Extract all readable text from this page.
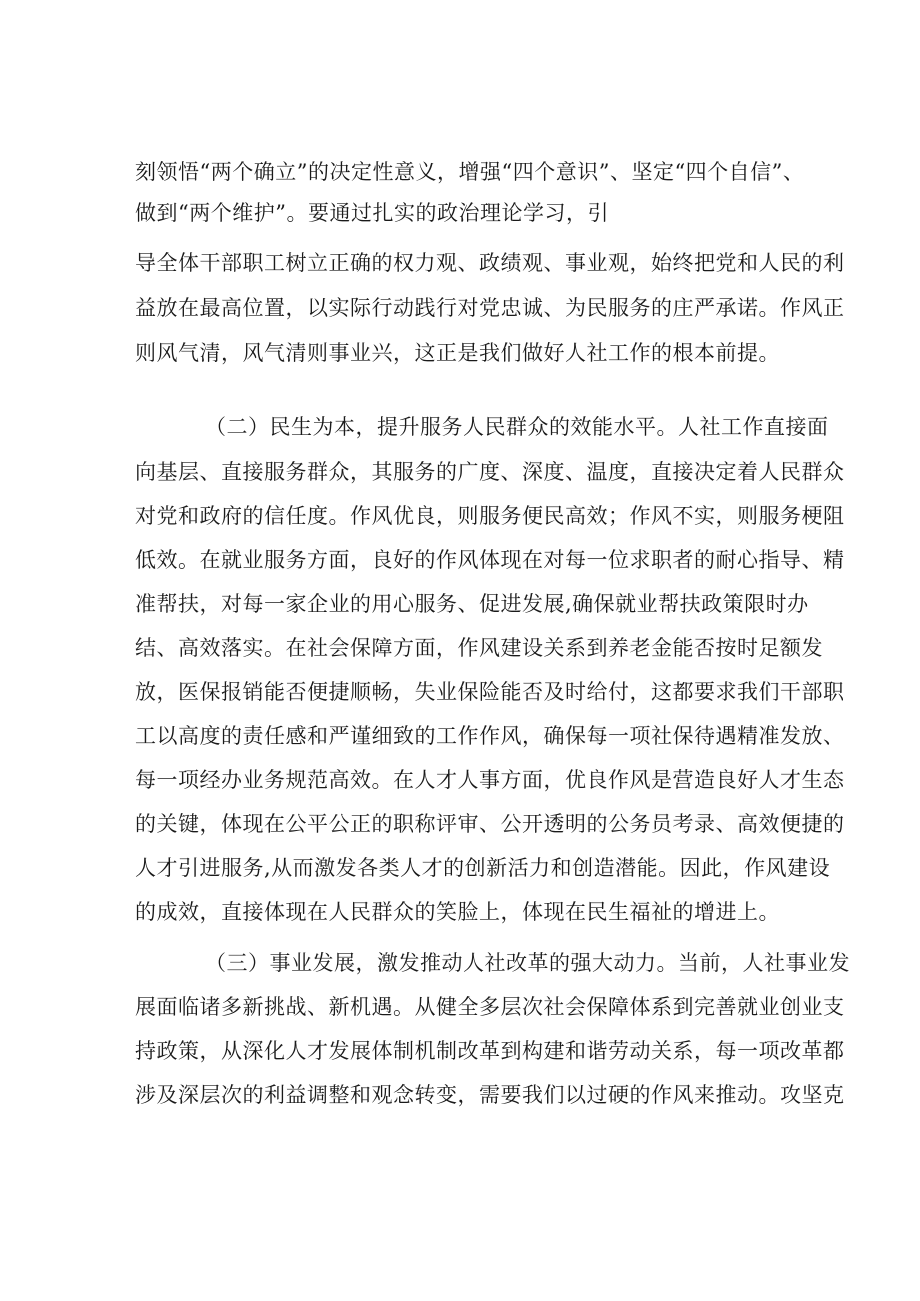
刻领悟“两个确立”的决定性意义，增强“四个意识”、坚定“四个自信”、
做到“两个维护”。要通过扎实的政治理论学习，引
导全体干部职工树立正确的权力观、政绩观、事业观，始终把党和人民的利
益放在最高位置，以实际行动践行对党忠诚、为民服务的庄严承诺。作风正
则风气清，风气清则事业兴，这正是我们做好人社工作的根本前提。
（二）民生为本，提升服务人民群众的效能水平。人社工作直接面
向基层、直接服务群众，其服务的广度、深度、温度，直接决定着人民群众
对党和政府的信任度。作风优良，则服务便民高效；作风不实，则服务梗阻
低效。在就业服务方面，良好的作风体现在对每一位求职者的耐心指导、精
准帮扶，对每一家企业的用心服务、促进发展,确保就业帮扶政策限时办
结、高效落实。在社会保障方面，作风建设关系到养老金能否按时足额发
放，医保报销能否便捷顺畅，失业保险能否及时给付，这都要求我们干部职
工以高度的责任感和严谨细致的工作作风，确保每一项社保待遇精准发放、
每一项经办业务规范高效。在人才人事方面，优良作风是营造良好人才生态
的关键，体现在公平公正的职称评审、公开透明的公务员考录、高效便捷的
人才引进服务,从而激发各类人才的创新活力和创造潜能。因此，作风建设
的成效，直接体现在人民群众的笑脸上，体现在民生福祉的增进上。
（三）事业发展，激发推动人社改革的强大动力。当前，人社事业发
展面临诸多新挑战、新机遇。从健全多层次社会保障体系到完善就业创业支
持政策，从深化人才发展体制机制改革到构建和谐劳动关系，每一项改革都
涉及深层次的利益调整和观念转变，需要我们以过硬的作风来推动。攻坚克
